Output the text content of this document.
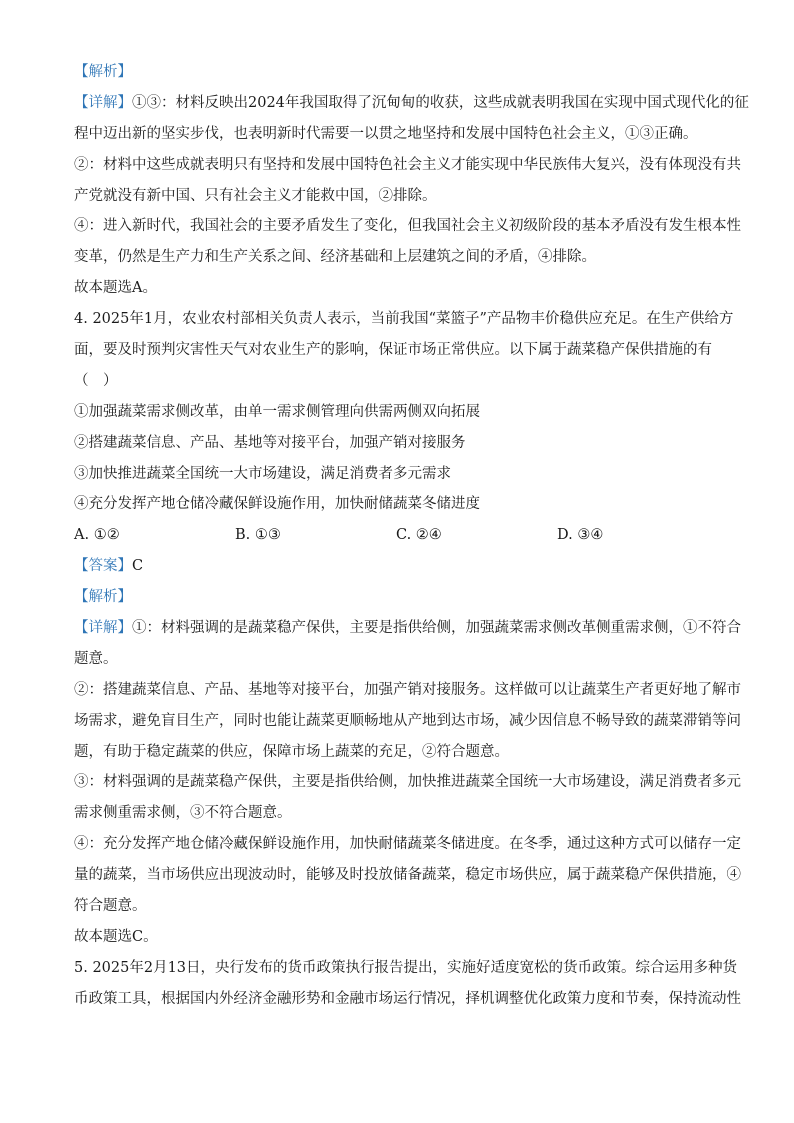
【解析】
【详解】①③：材料反映出2024年我国取得了沉甸甸的收获，这些成就表明我国在实现中国式现代化的征
程中迈出新的坚实步伐，也表明新时代需要一以贯之地坚持和发展中国特色社会主义，①③正确。
②：材料中这些成就表明只有坚持和发展中国特色社会主义才能实现中华民族伟大复兴，没有体现没有共
产党就没有新中国、只有社会主义才能救中国，②排除。
④：进入新时代，我国社会的主要矛盾发生了变化，但我国社会主义初级阶段的基本矛盾没有发生根本性
变革，仍然是生产力和生产关系之间、经济基础和上层建筑之间的矛盾，④排除。
故本题选A。
4. 2025年1月，农业农村部相关负责人表示，当前我国“菜篮子”产品物丰价稳供应充足。在生产供给方
面，要及时预判灾害性天气对农业生产的影响，保证市场正常供应。以下属于蔬菜稳产保供措施的有
（　）
①加强蔬菜需求侧改革，由单一需求侧管理向供需两侧双向拓展
②搭建蔬菜信息、产品、基地等对接平台，加强产销对接服务
③加快推进蔬菜全国统一大市场建设，满足消费者多元需求
④充分发挥产地仓储冷藏保鲜设施作用，加快耐储蔬菜冬储进度
A. ①②	B. ①③	C. ②④	D. ③④
【答案】C
【解析】
【详解】①：材料强调的是蔬菜稳产保供，主要是指供给侧，加强蔬菜需求侧改革侧重需求侧，①不符合
题意。
②：搭建蔬菜信息、产品、基地等对接平台，加强产销对接服务。这样做可以让蔬菜生产者更好地了解市
场需求，避免盲目生产，同时也能让蔬菜更顺畅地从产地到达市场，减少因信息不畅导致的蔬菜滞销等问
题，有助于稳定蔬菜的供应，保障市场上蔬菜的充足，②符合题意。
③：材料强调的是蔬菜稳产保供，主要是指供给侧，加快推进蔬菜全国统一大市场建设，满足消费者多元
需求侧重需求侧，③不符合题意。
④：充分发挥产地仓储冷藏保鲜设施作用，加快耐储蔬菜冬储进度。在冬季，通过这种方式可以储存一定
量的蔬菜，当市场供应出现波动时，能够及时投放储备蔬菜，稳定市场供应，属于蔬菜稳产保供措施，④
符合题意。
故本题选C。
5. 2025年2月13日，央行发布的货币政策执行报告提出，实施好适度宽松的货币政策。综合运用多种货
币政策工具，根据国内外经济金融形势和金融市场运行情况，择机调整优化政策力度和节奏，保持流动性
